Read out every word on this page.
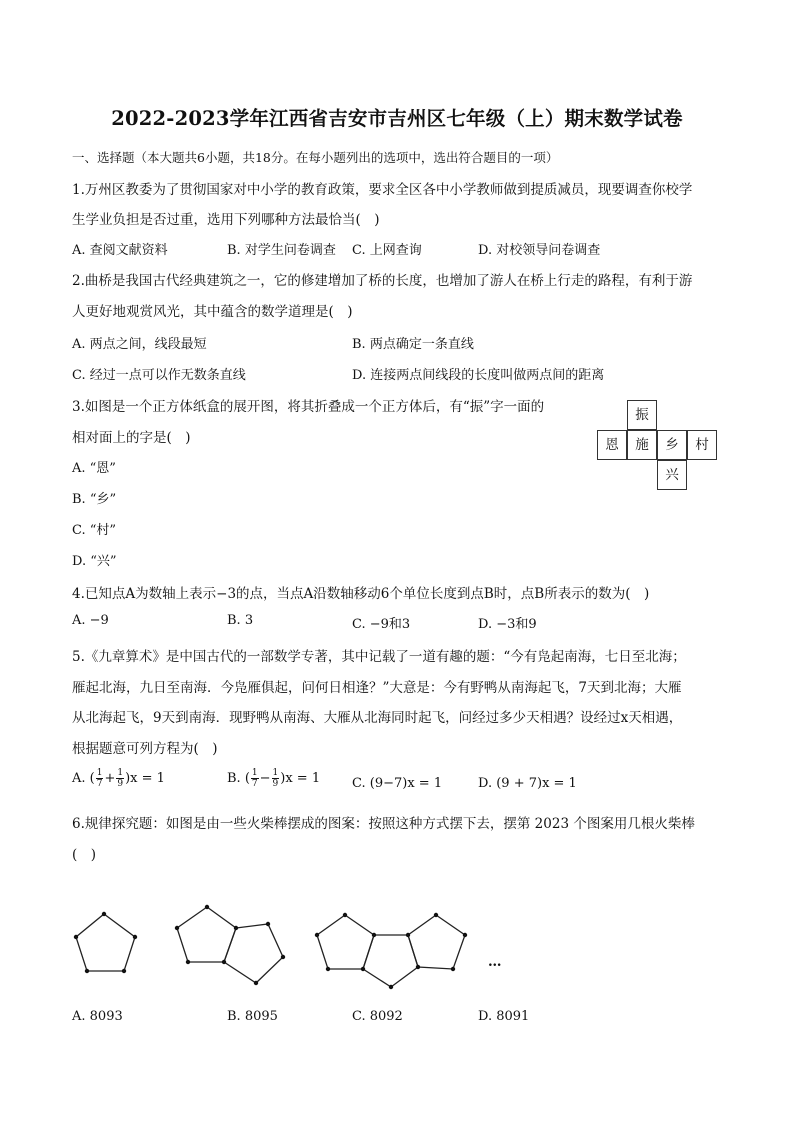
2022-2023学年江西省吉安市吉州区七年级（上）期末数学试卷
一、选择题（本大题共6小题，共18分。在每小题列出的选项中，选出符合题目的一项）
1.万州区教委为了贯彻国家对中小学的教育政策，要求全区各中小学教师做到提质减员，现要调查你校学
生学业负担是否过重，选用下列哪种方法最恰当(　)
A. 查阅文献资料	B. 对学生问卷调查 C. 上网查询	D. 对校领导问卷调查
2.曲桥是我国古代经典建筑之一，它的修建增加了桥的长度，也增加了游人在桥上行走的路程，有利于游
人更好地观赏风光，其中蕴含的数学道理是(　)
A. 两点之间，线段最短	B. 两点确定一条直线
C. 经过一点可以作无数条直线	D. 连接两点间线段的长度叫做两点间的距离
3.如图是一个正方体纸盒的展开图，将其折叠成一个正方体后，有“振”字一面的
相对面上的字是(　)
A. “恩”
B. “乡”
C. “村”
D. “兴”
振
恩	施	乡	村
兴
4.已知点A为数轴上表示−3的点，当点A沿数轴移动6个单位长度到点B时，点B所表示的数为(　)
A. −9	B. 3	C. −9和3	D. −3和9
5.《九章算术》是中国古代的一部数学专著，其中记载了一道有趣的题：“今有凫起南海，七日至北海；
雁起北海，九日至南海．今凫雁俱起，问何日相逢？”大意是：今有野鸭从南海起飞，7天到北海；大雁
从北海起飞，9天到南海．现野鸭从南海、大雁从北海同时起飞，问经过多少天相遇？设经过x天相遇，
根据题意可列方程为(　)
A. ( $\frac{1}{7} + \frac{1}{9} )x = 1$	B. ( $\frac{1}{7} - \frac{1}{9} )x = 1$ C. (9−7)x = 1	D. (9 + 7)x = 1
6.规律探究题：如图是由一些火柴棒摆成的图案：按照这种方式摆下去，摆第 2023 个图案用几根火柴棒
(　)
…
A. 8093	B. 8095	C. 8092	D. 8091
